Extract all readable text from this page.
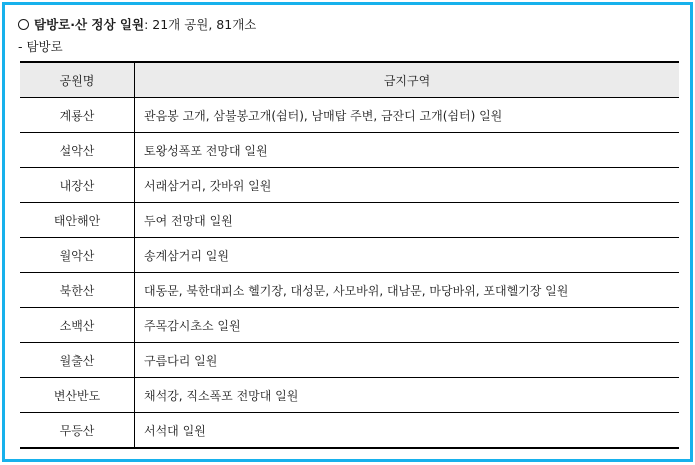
탐방로·산 정상 일원: 21개 공원, 81개소
- 탐방로
공원명	금지구역
계룡산	관음봉 고개, 삼불봉고개(쉼터), 남매탑 주변, 금잔디 고개(쉼터) 일원
설악산	토왕성폭포 전망대 일원
내장산	서래삼거리, 갓바위 일원
태안해안	두여 전망대 일원
월악산	송계삼거리 일원
북한산	대동문, 북한대피소 헬기장, 대성문, 사모바위, 대남문, 마당바위, 포대헬기장 일원
소백산	주목감시초소 일원
월출산	구름다리 일원
변산반도	채석강, 직소폭포 전망대 일원
무등산	서석대 일원
